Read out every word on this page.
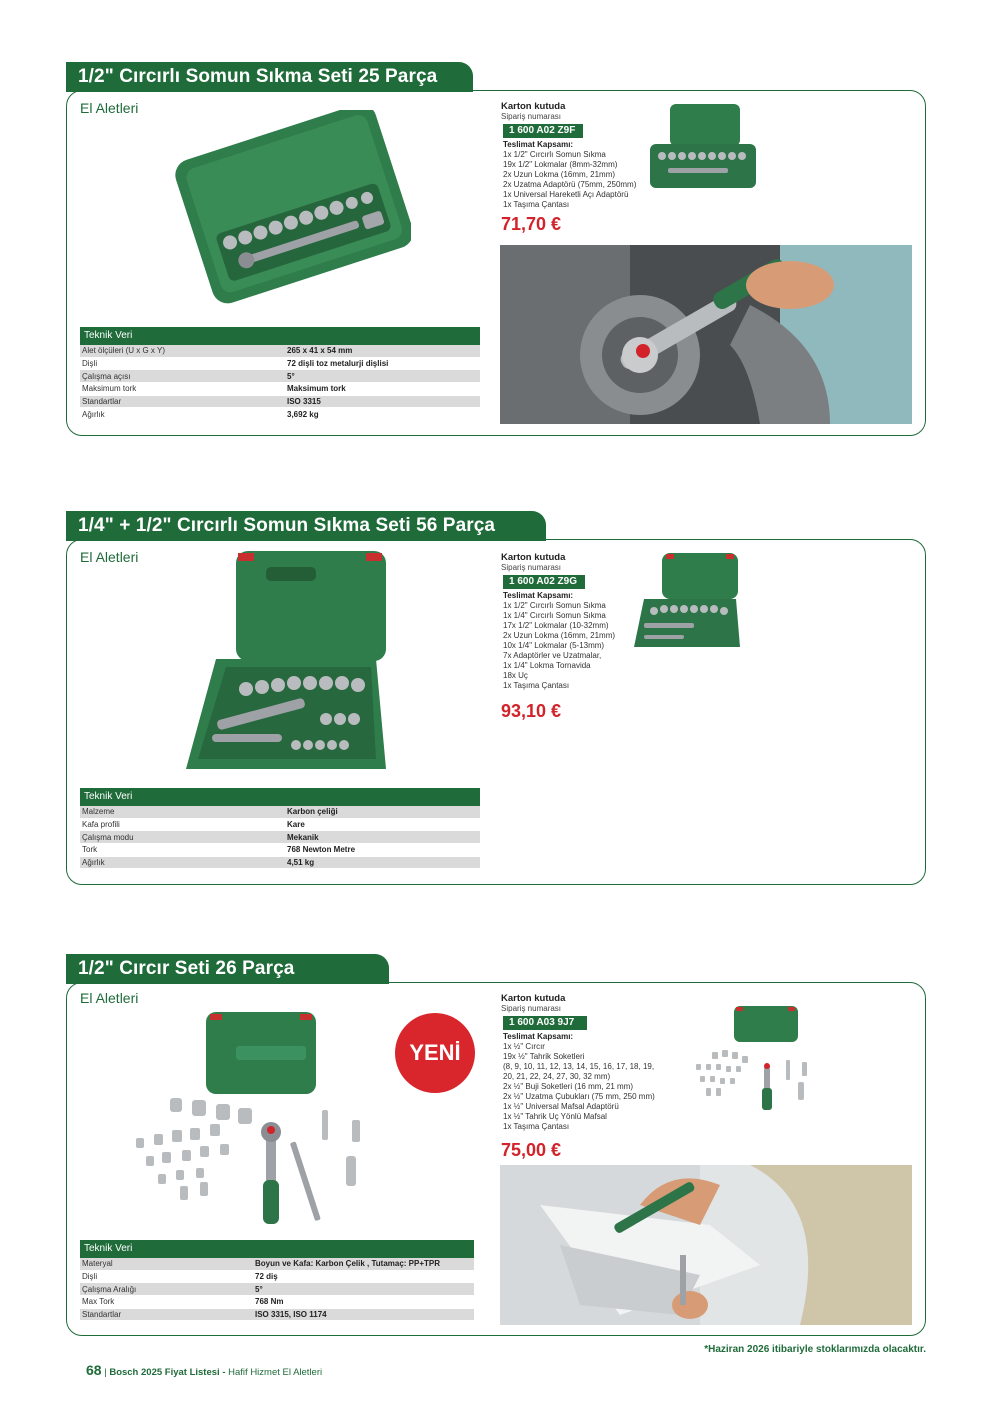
1/2" Cırcırlı Somun Sıkma Seti 25 Parça
El Aletleri
Teknik Veri
Alet ölçüleri (U x G x Y)	265 x 41 x 54 mm
Dişli	72 dişli toz metalurji dişlisi
Çalışma açısı	5°
Maksimum tork	Maksimum tork
Standartlar	ISO 3315
Ağırlık	3,692 kg
Karton kutuda
Sipariş numarası
1 600 A02 Z9F
Teslimat Kapsamı:
1x 1/2" Cırcırlı Somun Sıkma
19x 1/2" Lokmalar (8mm-32mm)
2x Uzun Lokma (16mm, 21mm)
2x Uzatma Adaptörü (75mm, 250mm)
1x Universal Hareketli Açı Adaptörü
1x Taşıma Çantası
71,70 €
1/4" + 1/2" Cırcırlı Somun Sıkma Seti 56 Parça
El Aletleri
Teknik Veri
Malzeme	Karbon çeliği
Kafa profili	Kare
Çalışma modu	Mekanik
Tork	768 Newton Metre
Ağırlık	4,51 kg
Karton kutuda
Sipariş numarası
1 600 A02 Z9G
Teslimat Kapsamı:
1x 1/2" Cırcırlı Somun Sıkma
1x 1/4" Cırcırlı Somun Sıkma
17x 1/2" Lokmalar (10-32mm)
2x Uzun Lokma (16mm, 21mm)
10x 1/4" Lokmalar (5-13mm)
7x Adaptörler ve Uzatmalar,
1x 1/4" Lokma Tornavida
18x Uç
1x Taşıma Çantası
93,10 €
1/2" Cırcır Seti 26 Parça
El Aletleri
YENİ
Teknik Veri
Materyal	Boyun ve Kafa: Karbon Çelik , Tutamaç: PP+TPR
Dişli	72 diş
Çalışma Aralığı	5°
Max Tork	768 Nm
Standartlar	ISO 3315, ISO 1174
Karton kutuda
Sipariş numarası
1 600 A03 9J7
Teslimat Kapsamı:
1x ½" Cırcır
19x ½" Tahrik Soketleri
(8, 9, 10, 11, 12, 13, 14, 15, 16, 17, 18, 19,
20, 21, 22, 24, 27, 30, 32 mm)
2x ½" Buji Soketleri (16 mm, 21 mm)
2x ½" Uzatma Çubukları (75 mm, 250 mm)
1x ½" Universal Mafsal Adaptörü
1x ½" Tahrik Uç Yönlü Mafsal
1x Taşıma Çantası
75,00 €
*Haziran 2026 itibariyle stoklarımızda olacaktır.
68 | Bosch 2025 Fiyat Listesi - Hafif Hizmet El Aletleri
